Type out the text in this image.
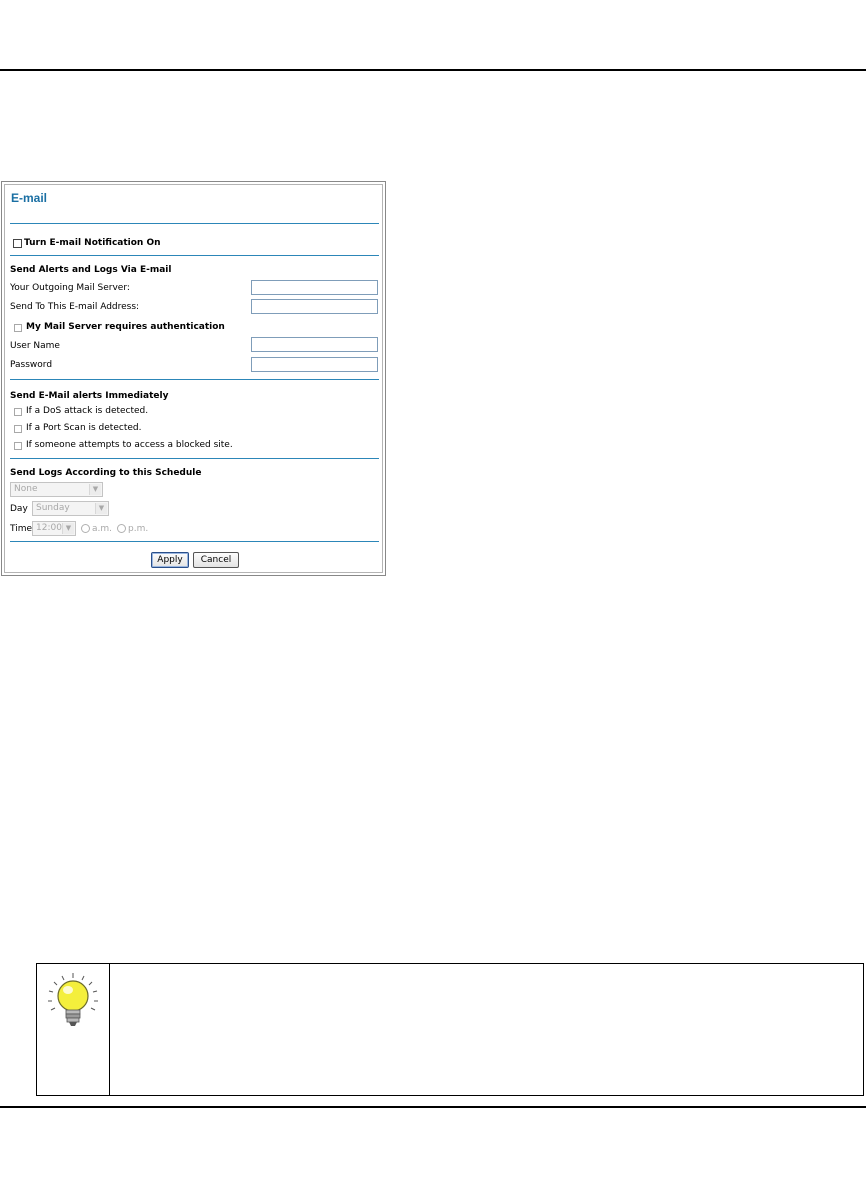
E-mail
Turn E-mail Notification On
Send Alerts and Logs Via E-mail
Your Outgoing Mail Server:
Send To This E-mail Address:
My Mail Server requires authentication
User Name
Password
Send E-Mail alerts Immediately
If a DoS attack is detected.
If a Port Scan is detected.
If someone attempts to access a blocked site.
Send Logs According to this Schedule
None	▼
Day Sunday	▼
Time 12:00 ▼	a.m. p.m.
Apply	Cancel
